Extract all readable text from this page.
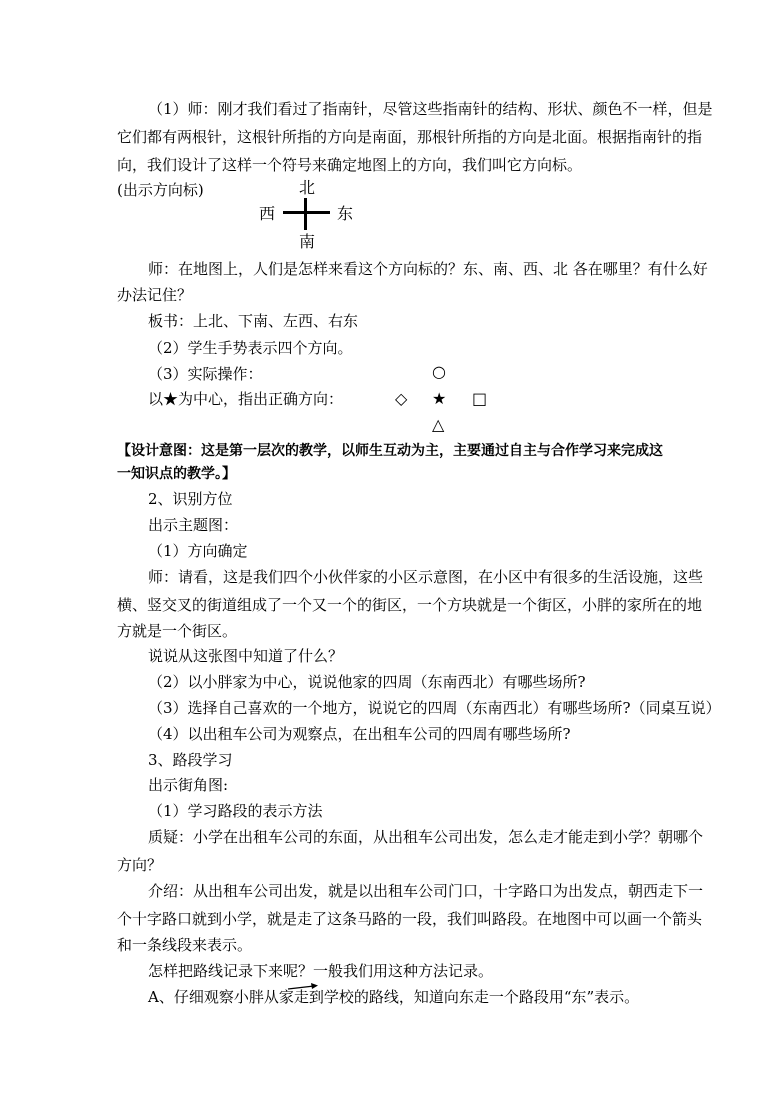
（1）师：刚才我们看过了指南针，尽管这些指南针的结构、形状、颜色不一样，但是
它们都有两根针，这根针所指的方向是南面，那根针所指的方向是北面。根据指南针的指
向，我们设计了这样一个符号来确定地图上的方向，我们叫它方向标。
(出示方向标)	北
西	东
南
师：在地图上，人们是怎样来看这个方向标的？东、南、西、北 各在哪里？有什么好
办法记住？
板书：上北、下南、左西、右东
（2）学生手势表示四个方向。
（3）实际操作：
以★为中心，指出正确方向：
○
◇ ★ □
△
【设计意图：这是第一层次的教学，以师生互动为主，主要通过自主与合作学习来完成这
一知识点的教学。】
2、识别方位
出示主题图：
（1）方向确定
师：请看，这是我们四个小伙伴家的小区示意图，在小区中有很多的生活设施，这些
横、竖交叉的街道组成了一个又一个的街区，一个方块就是一个街区，小胖的家所在的地
方就是一个街区。
说说从这张图中知道了什么？
（2）以小胖家为中心，说说他家的四周（东南西北）有哪些场所?
（3）选择自己喜欢的一个地方，说说它的四周（东南西北）有哪些场所?（同桌互说）
（4）以出租车公司为观察点，在出租车公司的四周有哪些场所?
3、路段学习
出示街角图:
（1）学习路段的表示方法
质疑：小学在出租车公司的东面，从出租车公司出发，怎么走才能走到小学？朝哪个
方向？
介绍：从出租车公司出发，就是以出租车公司门口，十字路口为出发点，朝西走下一
个十字路口就到小学，就是走了这条马路的一段，我们叫路段。在地图中可以画一个箭头
和一条线段来表示。
怎样把路线记录下来呢？一般我们用这种方法记录。
A、仔细观察小胖从家走到学校的路线，知道向东走一个路段用“东”表示。
